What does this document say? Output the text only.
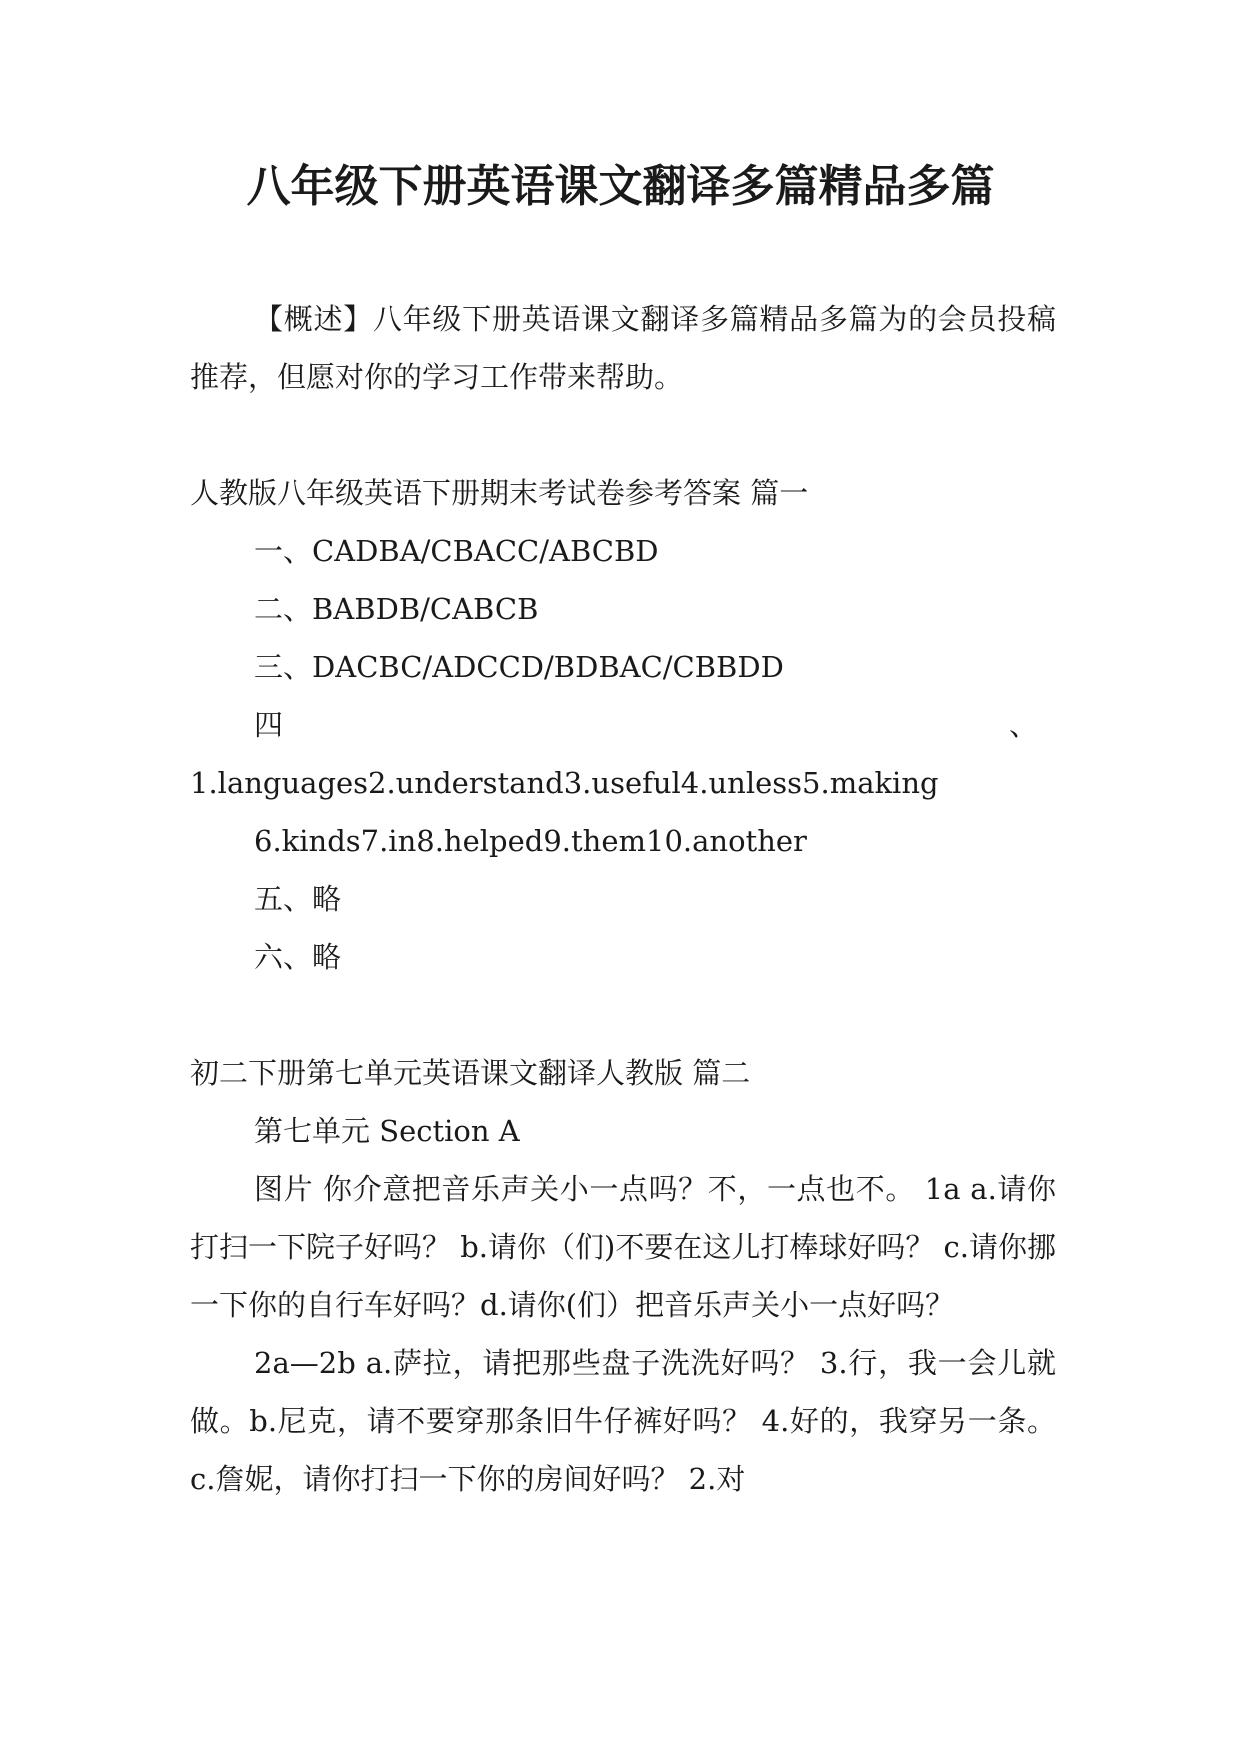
八年级下册英语课文翻译多篇精品多篇

【概述】八年级下册英语课文翻译多篇精品多篇为的会员投稿推荐，但愿对你的学习工作带来帮助。

人教版八年级英语下册期末考试卷参考答案 篇一

一、CADBA/CBACC/ABCBD

二、BABDB/CABCB

三、DACBC/ADCCD/BDBAC/CBBDD

四	、

1.languages2.understand3.useful4.unless5.making

6.kinds7.in8.helped9.them10.another

五、略

六、略

初二下册第七单元英语课文翻译人教版 篇二

第七单元 Section A

图片 你介意把音乐声关小一点吗？不，一点也不。 1a a.请你打扫一下院子好吗？ b.请你（们)不要在这儿打棒球好吗？ c.请你挪一下你的自行车好吗？d.请你(们）把音乐声关小一点好吗？

2a—2b a.萨拉，请把那些盘子洗洗好吗？ 3.行，我一会儿就做。b.尼克，请不要穿那条旧牛仔裤好吗？ 4.好的，我穿另一条。 c.詹妮，请你打扫一下你的房间好吗？ 2.对
